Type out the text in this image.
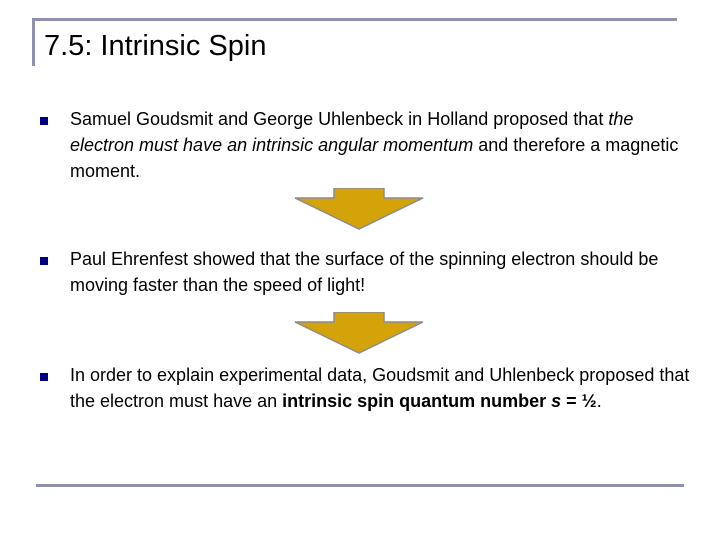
7.5: Intrinsic Spin

Samuel Goudsmit and George Uhlenbeck in Holland proposed that the electron must have an intrinsic angular momentum and therefore a magnetic moment.

Paul Ehrenfest showed that the surface of the spinning electron should be moving faster than the speed of light!

In order to explain experimental data, Goudsmit and Uhlenbeck proposed that the electron must have an intrinsic spin quantum number s = ½.
